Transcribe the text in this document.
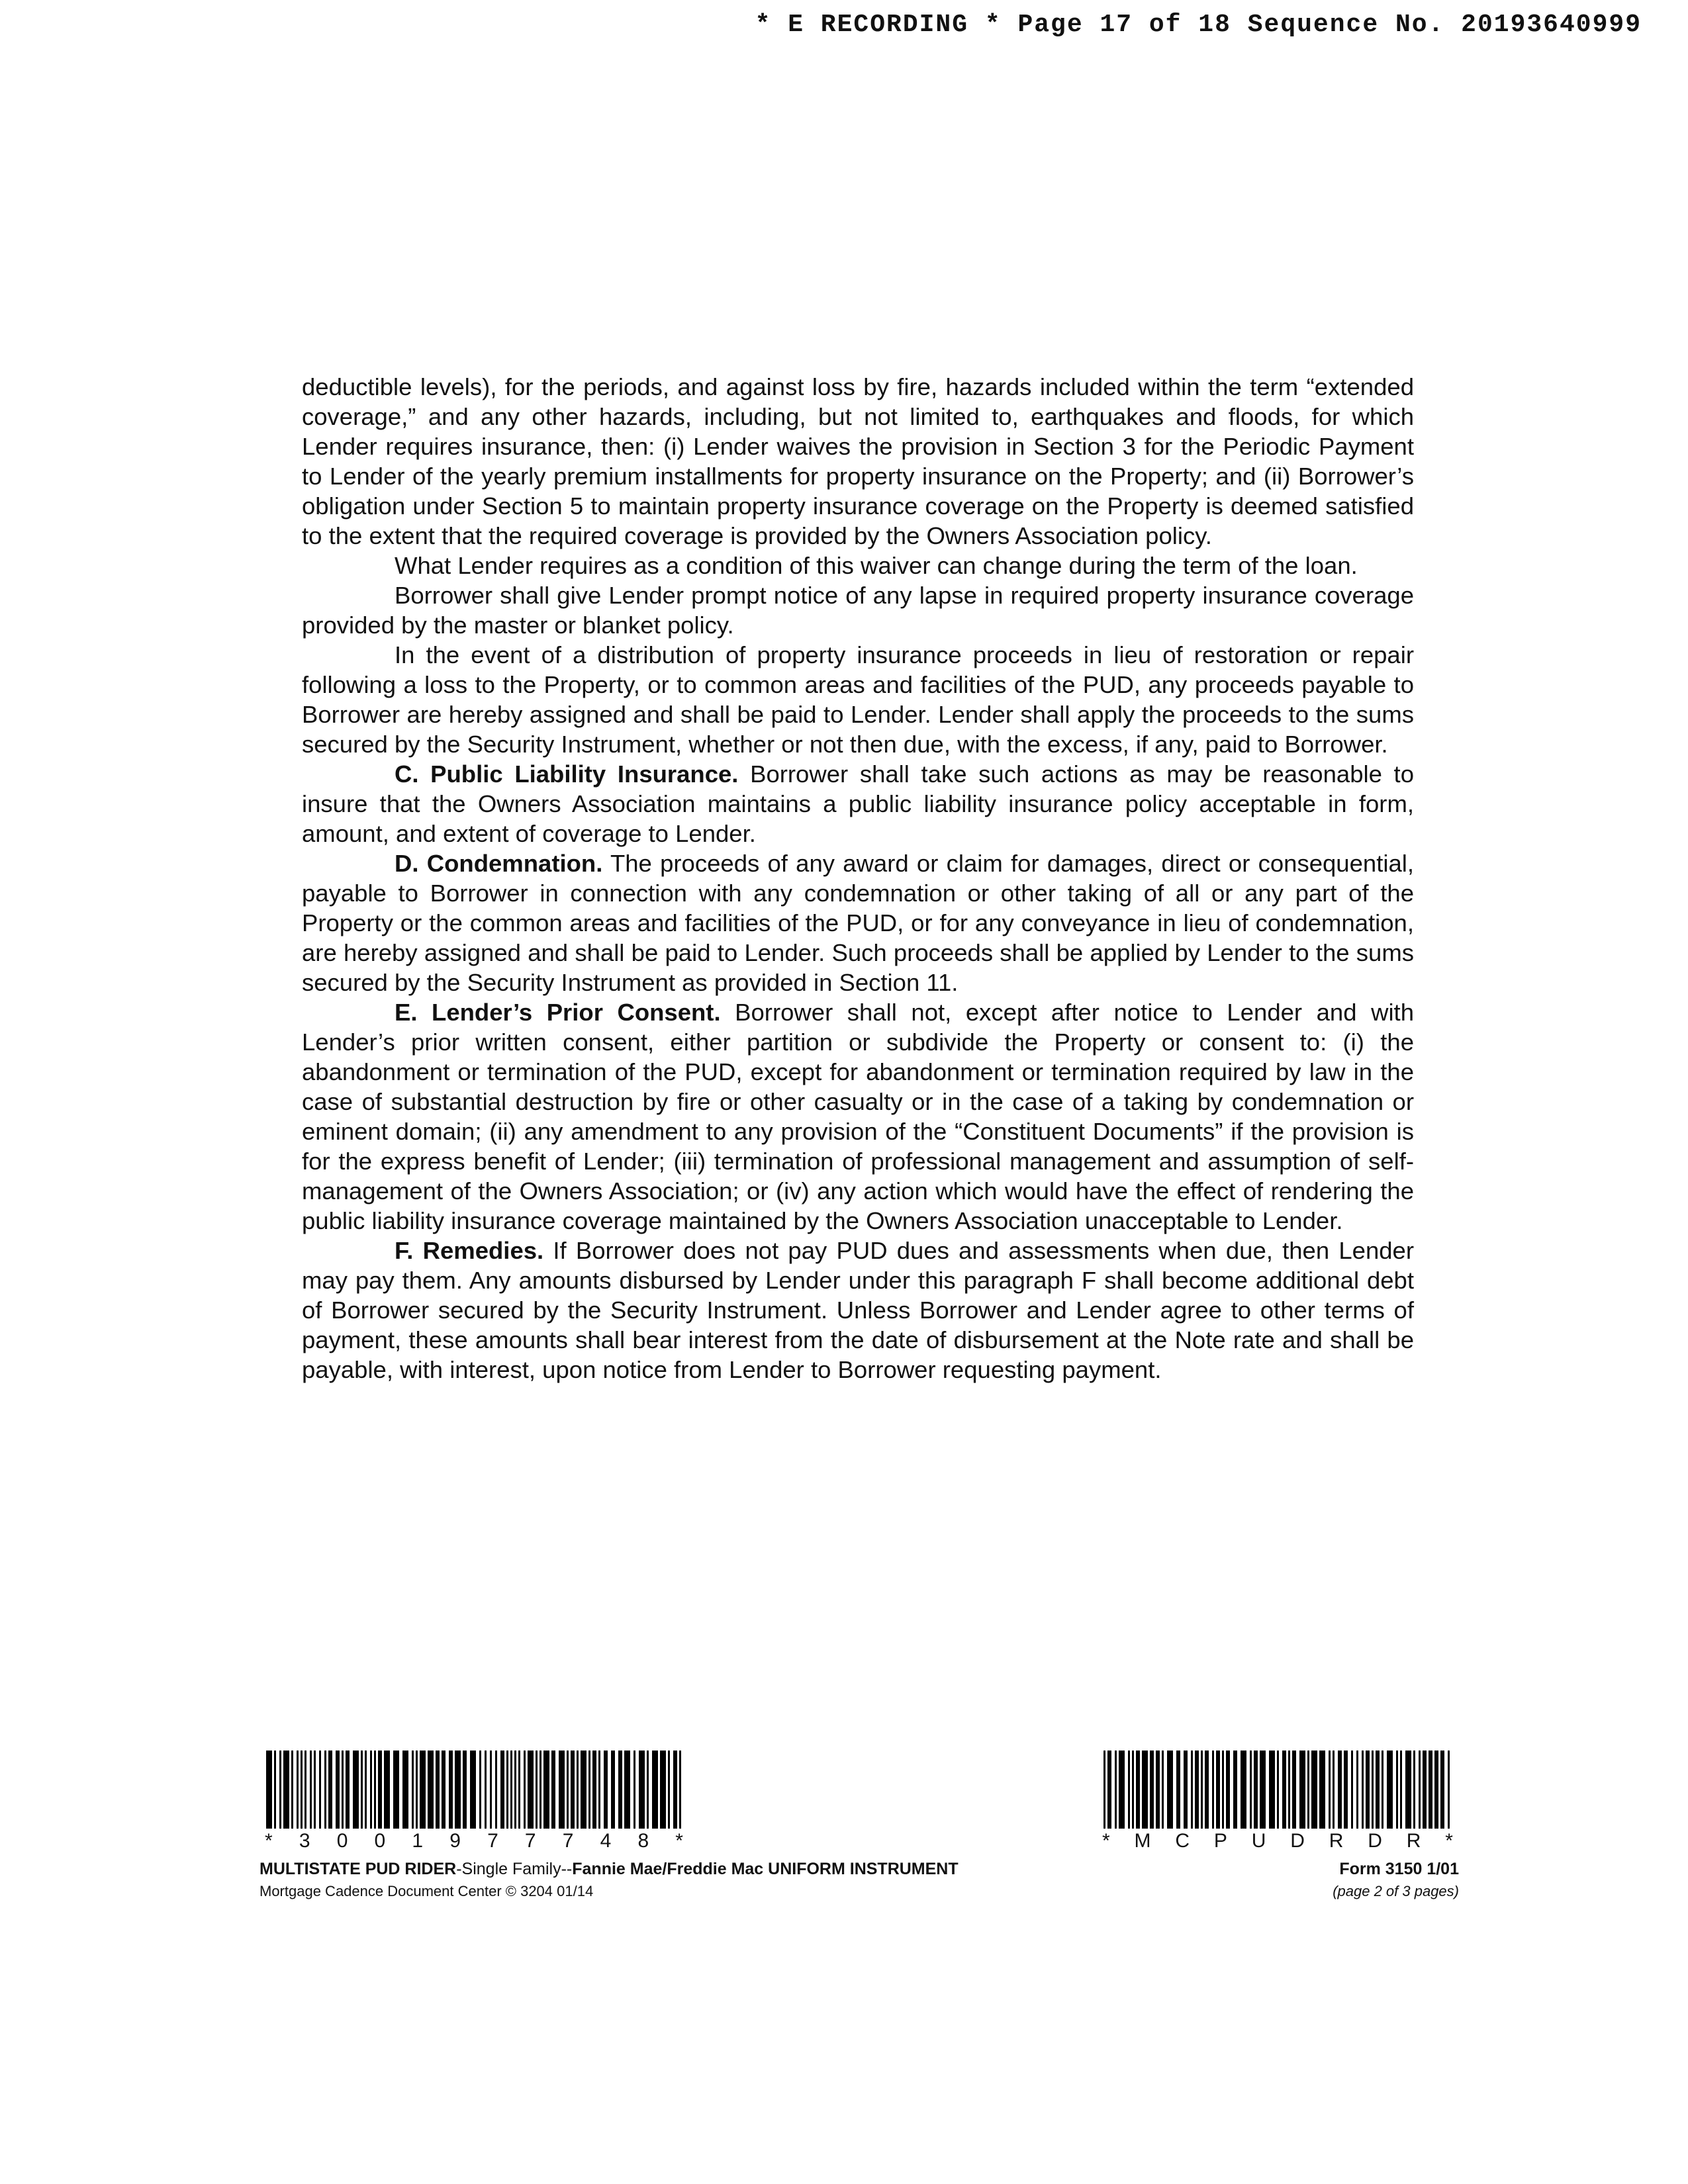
* E RECORDING * Page 17 of 18 Sequence No. 20193640999

deductible levels), for the periods, and against loss by fire, hazards included within the term “extended coverage,” and any other hazards, including, but not limited to, earthquakes and floods, for which Lender requires insurance, then: (i) Lender waives the provision in Section 3 for the Periodic Payment to Lender of the yearly premium installments for property insurance on the Property; and (ii) Borrower’s obligation under Section 5 to maintain property insurance coverage on the Property is deemed satisfied to the extent that the required coverage is provided by the Owners Association policy.

What Lender requires as a condition of this waiver can change during the term of the loan.

Borrower shall give Lender prompt notice of any lapse in required property insurance coverage provided by the master or blanket policy.

In the event of a distribution of property insurance proceeds in lieu of restoration or repair following a loss to the Property, or to common areas and facilities of the PUD, any proceeds payable to Borrower are hereby assigned and shall be paid to Lender. Lender shall apply the proceeds to the sums secured by the Security Instrument, whether or not then due, with the excess, if any, paid to Borrower.

C. Public Liability Insurance. Borrower shall take such actions as may be reasonable to insure that the Owners Association maintains a public liability insurance policy acceptable in form, amount, and extent of coverage to Lender.

D. Condemnation. The proceeds of any award or claim for damages, direct or consequential, payable to Borrower in connection with any condemnation or other taking of all or any part of the Property or the common areas and facilities of the PUD, or for any conveyance in lieu of condemnation, are hereby assigned and shall be paid to Lender. Such proceeds shall be applied by Lender to the sums secured by the Security Instrument as provided in Section 11.

E. Lender’s Prior Consent. Borrower shall not, except after notice to Lender and with Lender’s prior written consent, either partition or subdivide the Property or consent to: (i) the abandonment or termination of the PUD, except for abandonment or termination required by law in the case of substantial destruction by fire or other casualty or in the case of a taking by condemnation or eminent domain; (ii) any amendment to any provision of the “Constituent Documents” if the provision is for the express benefit of Lender; (iii) termination of professional management and assumption of self-management of the Owners Association; or (iv) any action which would have the effect of rendering the public liability insurance coverage maintained by the Owners Association unacceptable to Lender.

F. Remedies. If Borrower does not pay PUD dues and assessments when due, then Lender may pay them. Any amounts disbursed by Lender under this paragraph F shall become additional debt of Borrower secured by the Security Instrument. Unless Borrower and Lender agree to other terms of payment, these amounts shall bear interest from the date of disbursement at the Note rate and shall be payable, with interest, upon notice from Lender to Borrower requesting payment.

* 3 0 0 1 9 7 7 7 4 8 *	* M C P U D R D R *
MULTISTATE PUD RIDER-Single Family--Fannie Mae/Freddie Mac UNIFORM INSTRUMENT
Mortgage Cadence Document Center © 3204 01/14
Form 3150 1/01
(page 2 of 3 pages)
